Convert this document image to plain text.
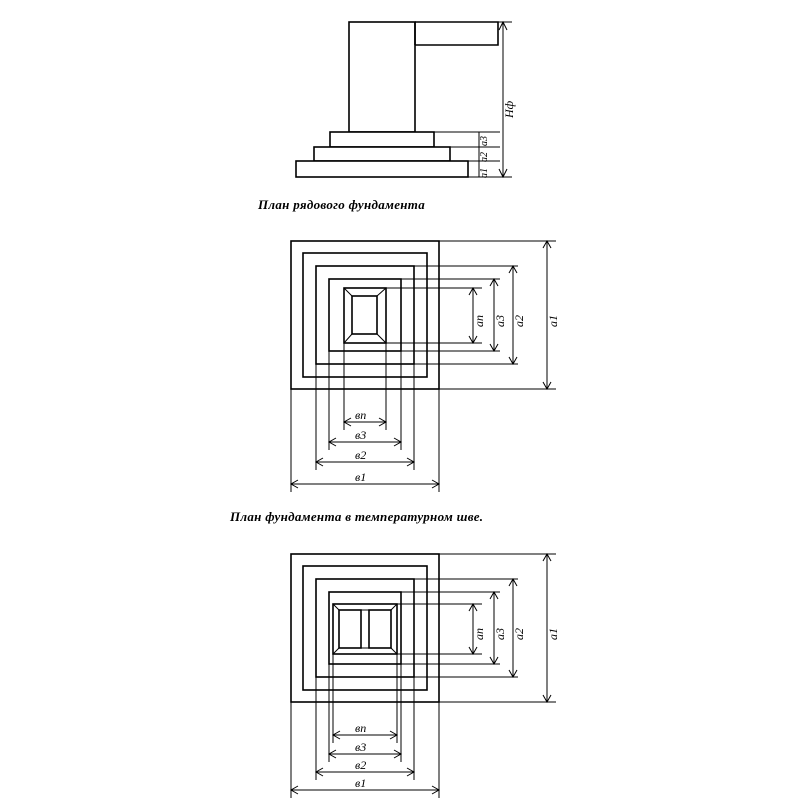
Нф
а3
а2
а1
План рядового фундамента
ап а3 а2 а1
вп
в3
в2
в1
План фундамента в температурном шве.
ап а3 а2 а1
вп
в3
в2
в1
